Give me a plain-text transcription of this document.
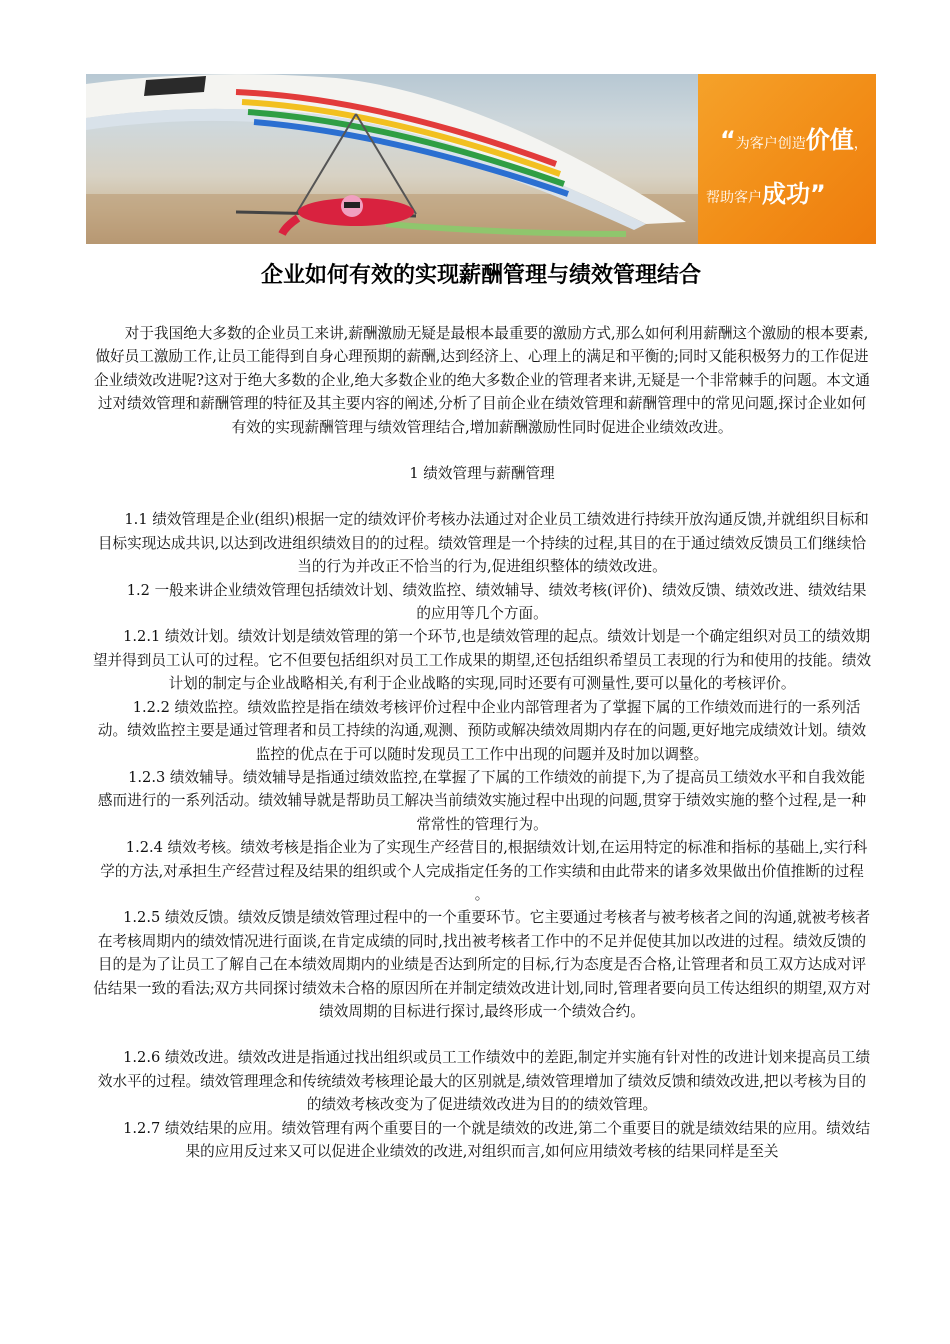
“为客户创造价值，
帮助客户成功”
企业如何有效的实现薪酬管理与绩效管理结合

对于我国绝大多数的企业员工来讲,薪酬激励无疑是最根本最重要的激励方式,那么如何利用薪酬这个激励的根本要素,做好员工激励工作,让员工能得到自身心理预期的薪酬,达到经济上、心理上的满足和平衡的;同时又能积极努力的工作促进企业绩效改进呢?这对于绝大多数的企业,绝大多数企业的绝大多数企业的管理者来讲,无疑是一个非常棘手的问题。本文通过对绩效管理和薪酬管理的特征及其主要内容的阐述,分析了目前企业在绩效管理和薪酬管理中的常见问题,探讨企业如何有效的实现薪酬管理与绩效管理结合,增加薪酬激励性同时促进企业绩效改进。

1 绩效管理与薪酬管理

1.1 绩效管理是企业(组织)根据一定的绩效评价考核办法通过对企业员工绩效进行持续开放沟通反馈,并就组织目标和目标实现达成共识,以达到改进组织绩效目的的过程。绩效管理是一个持续的过程,其目的在于通过绩效反馈员工们继续恰当的行为并改正不恰当的行为,促进组织整体的绩效改进。

1.2 一般来讲企业绩效管理包括绩效计划、绩效监控、绩效辅导、绩效考核(评价)、绩效反馈、绩效改进、绩效结果的应用等几个方面。

1.2.1 绩效计划。绩效计划是绩效管理的第一个环节,也是绩效管理的起点。绩效计划是一个确定组织对员工的绩效期望并得到员工认可的过程。它不但要包括组织对员工工作成果的期望,还包括组织希望员工表现的行为和使用的技能。绩效计划的制定与企业战略相关,有利于企业战略的实现,同时还要有可测量性,要可以量化的考核评价。

1.2.2 绩效监控。绩效监控是指在绩效考核评价过程中企业内部管理者为了掌握下属的工作绩效而进行的一系列活动。绩效监控主要是通过管理者和员工持续的沟通,观测、预防或解决绩效周期内存在的问题,更好地完成绩效计划。绩效监控的优点在于可以随时发现员工工作中出现的问题并及时加以调整。

1.2.3 绩效辅导。绩效辅导是指通过绩效监控,在掌握了下属的工作绩效的前提下,为了提高员工绩效水平和自我效能感而进行的一系列活动。绩效辅导就是帮助员工解决当前绩效实施过程中出现的问题,贯穿于绩效实施的整个过程,是一种常常性的管理行为。

1.2.4 绩效考核。绩效考核是指企业为了实现生产经营目的,根据绩效计划,在运用特定的标准和指标的基础上,实行科学的方法,对承担生产经营过程及结果的组织或个人完成指定任务的工作实绩和由此带来的诸多效果做出价值推断的过程 。

1.2.5 绩效反馈。绩效反馈是绩效管理过程中的一个重要环节。它主要通过考核者与被考核者之间的沟通,就被考核者在考核周期内的绩效情况进行面谈,在肯定成绩的同时,找出被考核者工作中的不足并促使其加以改进的过程。绩效反馈的目的是为了让员工了解自己在本绩效周期内的业绩是否达到所定的目标,行为态度是否合格,让管理者和员工双方达成对评估结果一致的看法;双方共同探讨绩效未合格的原因所在并制定绩效改进计划,同时,管理者要向员工传达组织的期望,双方对绩效周期的目标进行探讨,最终形成一个绩效合约。

1.2.6 绩效改进。绩效改进是指通过找出组织或员工工作绩效中的差距,制定并实施有针对性的改进计划来提高员工绩效水平的过程。绩效管理理念和传统绩效考核理论最大的区别就是,绩效管理增加了绩效反馈和绩效改进,把以考核为目的的绩效考核改变为了促进绩效改进为目的的绩效管理。

1.2.7 绩效结果的应用。绩效管理有两个重要目的一个就是绩效的改进,第二个重要目的就是绩效结果的应用。绩效结果的应用反过来又可以促进企业绩效的改进,对组织而言,如何应用绩效考核的结果同样是至关
